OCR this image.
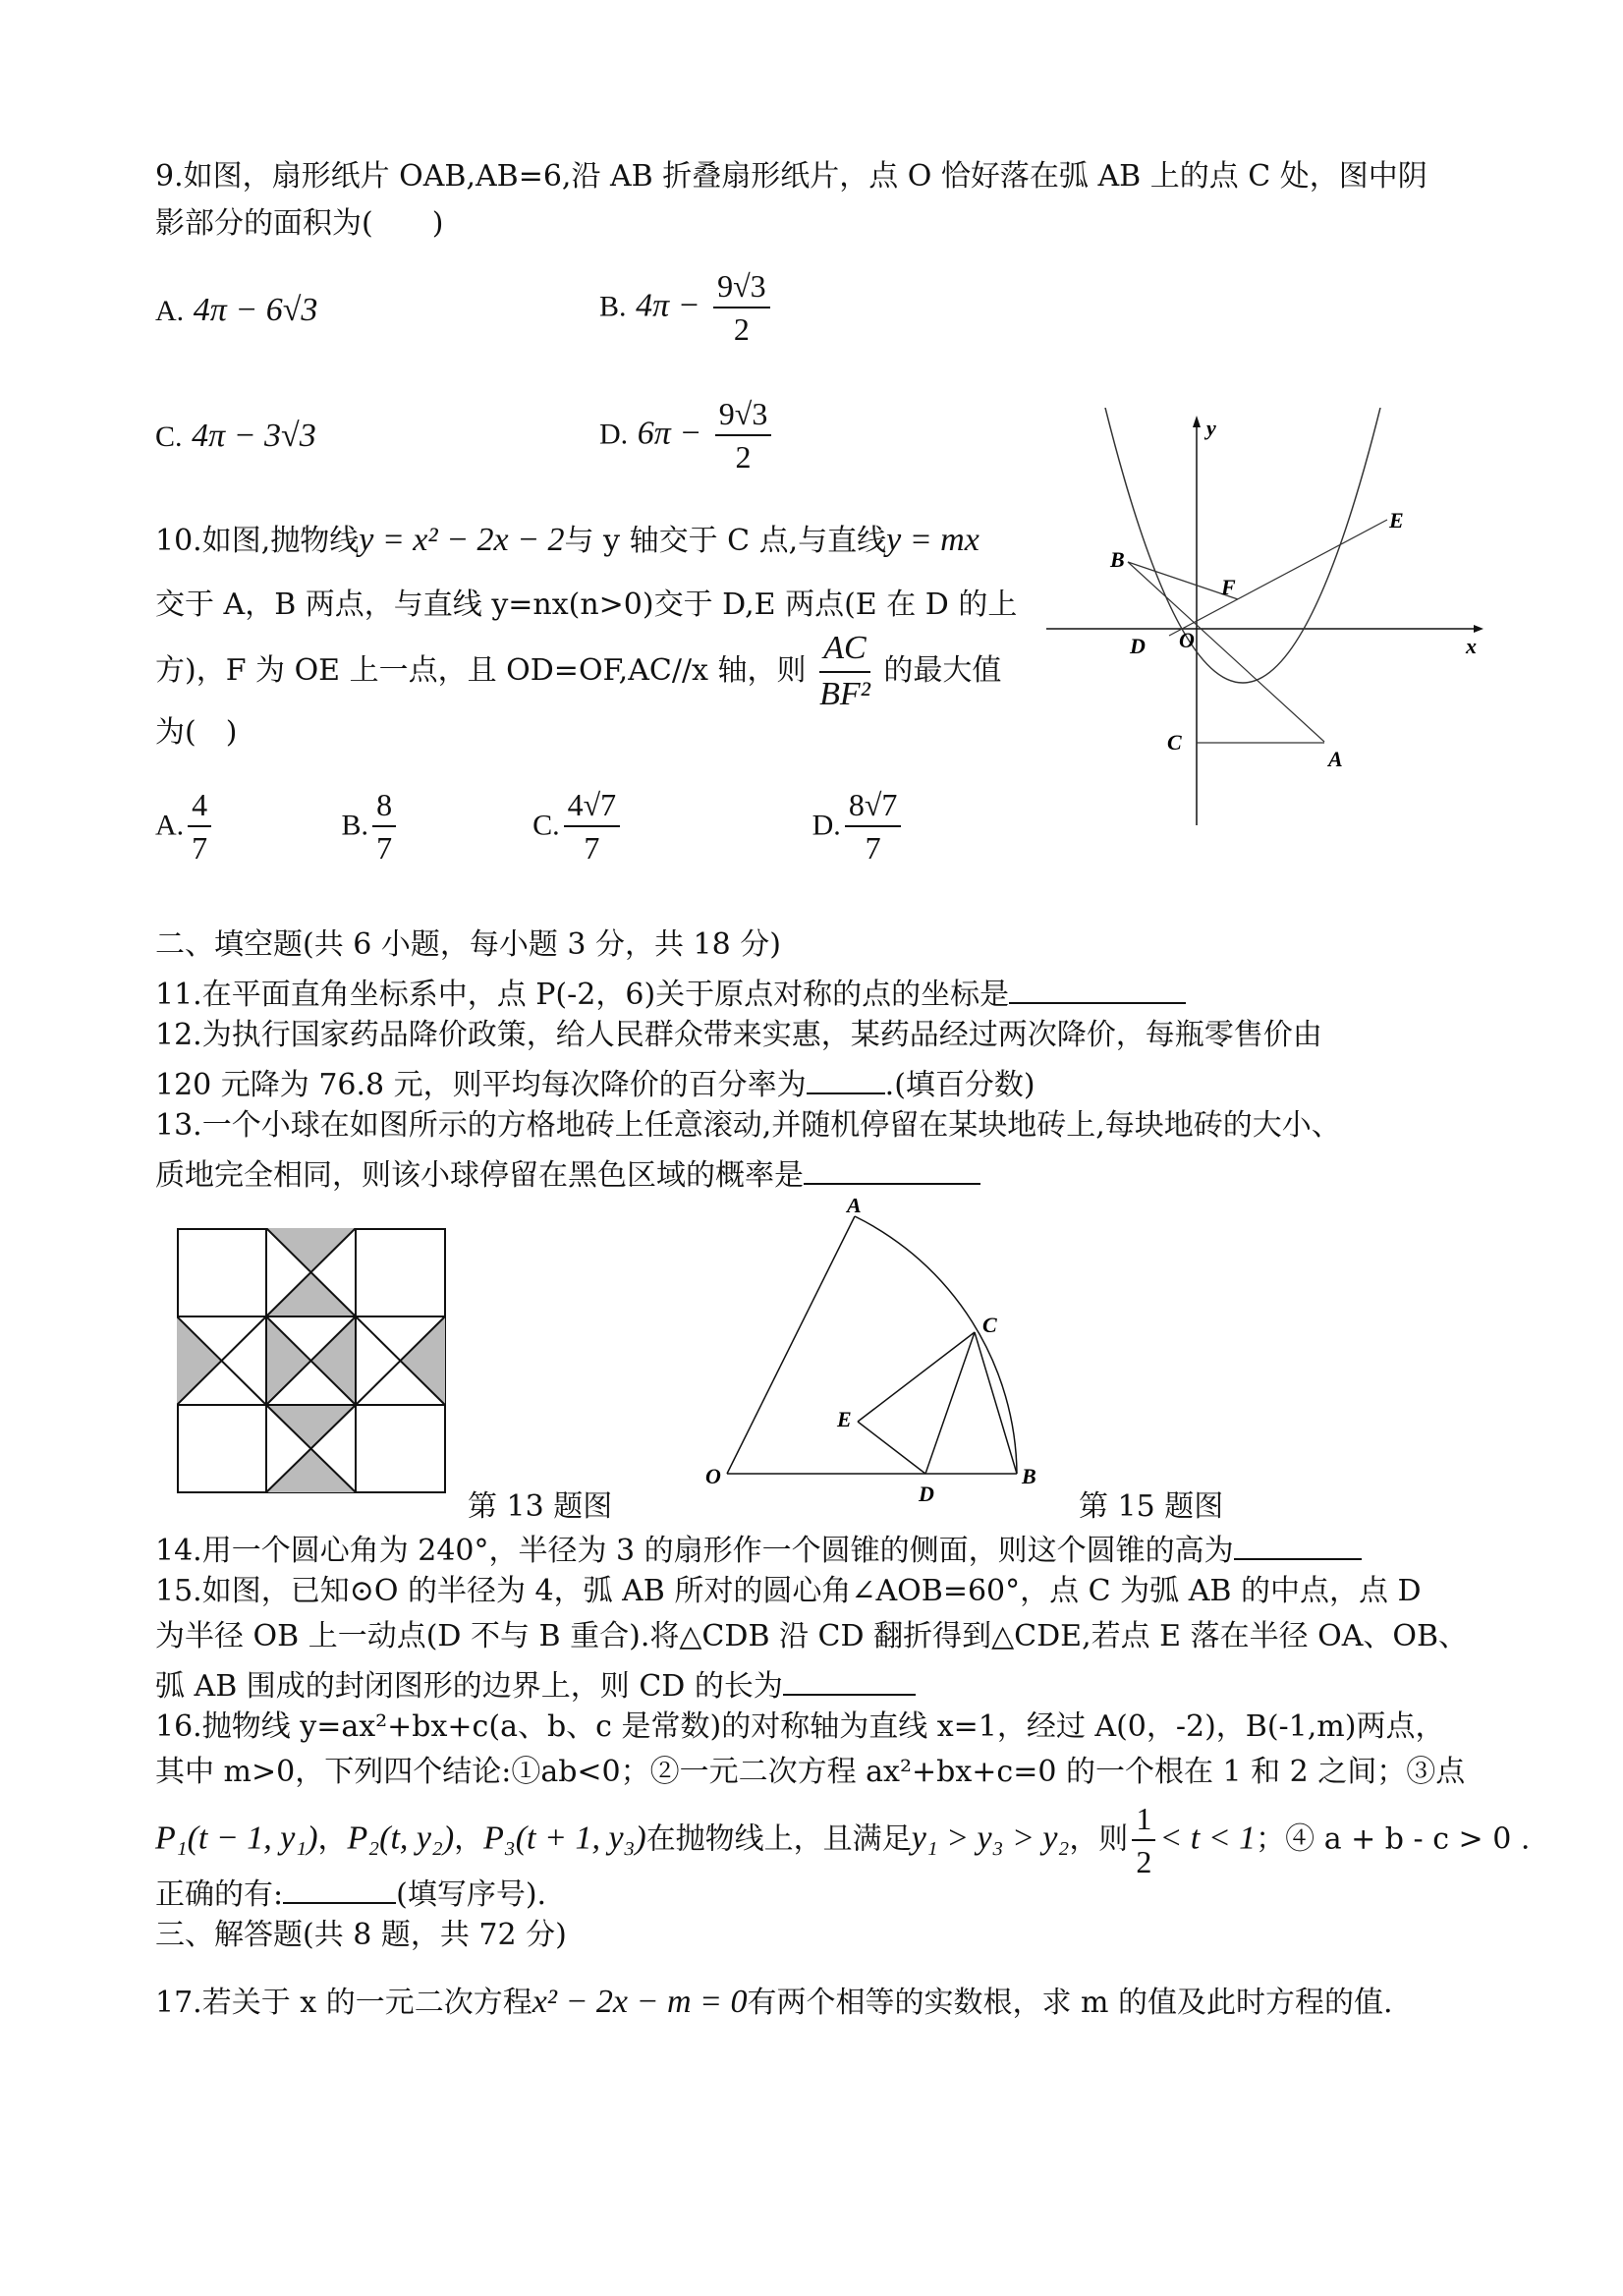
9.如图，扇形纸片 OAB,AB=6,沿 AB 折叠扇形纸片，点 O 恰好落在弧 AB 上的点 C 处，图中阴
影部分的面积为(　　)
A. 4π − 6√3	B. $4\pi - \frac{9√3}{2}$
C. 4π − 3√3	D. $6\pi - \frac{9√3}{2}$
10.如图,抛物线y = x² − 2x − 2与 y 轴交于 C 点,与直线y = mx
交于 A，B 两点，与直线 y=nx(n>0)交于 D,E 两点(E 在 D 的上
方)，F 为 OE 上一点，且 OD=OF,AC//x 轴，则 $\frac{AC}{\text{BF²}}$ 的最大值
为(　)
A. $\frac{4}{7}$	B. $\frac{8}{7}$	C. $\frac{4√7}{7}$	D. $\frac{8√7}{7}$
y
x
B
E
F
D O
C
A
二、填空题(共 6 小题，每小题 3 分，共 18 分)
11.在平面直角坐标系中，点 P(-2，6)关于原点对称的点的坐标是
12.为执行国家药品降价政策，给人民群众带来实惠，某药品经过两次降价，每瓶零售价由
120 元降为 76.8 元，则平均每次降价的百分率为	.(填百分数)
13.一个小球在如图所示的方格地砖上任意滚动,并随机停留在某块地砖上,每块地砖的大小、
质地完全相同，则该小球停留在黑色区域的概率是
第 13 题图
A
C
E
O
D
B
第 15 题图
14.用一个圆心角为 240°，半径为 3 的扇形作一个圆锥的侧面，则这个圆锥的高为
15.如图，已知⊙O 的半径为 4，弧 AB 所对的圆心角∠AOB=60°，点 C 为弧 AB 的中点，点 D
为半径 OB 上一动点(D 不与 B 重合).将△CDB 沿 CD 翻折得到△CDE,若点 E 落在半径 OA、OB、
弧 AB 围成的封闭图形的边界上，则 CD 的长为
16.抛物线 y=ax²+bx+c(a、b、c 是常数)的对称轴为直线 x=1，经过 A(0，-2)，B(-1,m)两点，
其中 m>0，下列四个结论:①ab<0；②一元二次方程 ax²+bx+c=0 的一个根在 1 和 2 之间；③点
P₁(t − 1, y₁)，P₂(t, y₂)，P₃(t + 1, y₃)在抛物线上，且满足y₁ > y₃ > y₂，则 $\frac{1}{2} < t < 1$；④ a + b - c > 0 .
正确的有:	(填写序号).
三、解答题(共 8 题，共 72 分)
17.若关于 x 的一元二次方程x² − 2x − m = 0有两个相等的实数根，求 m 的值及此时方程的值.
